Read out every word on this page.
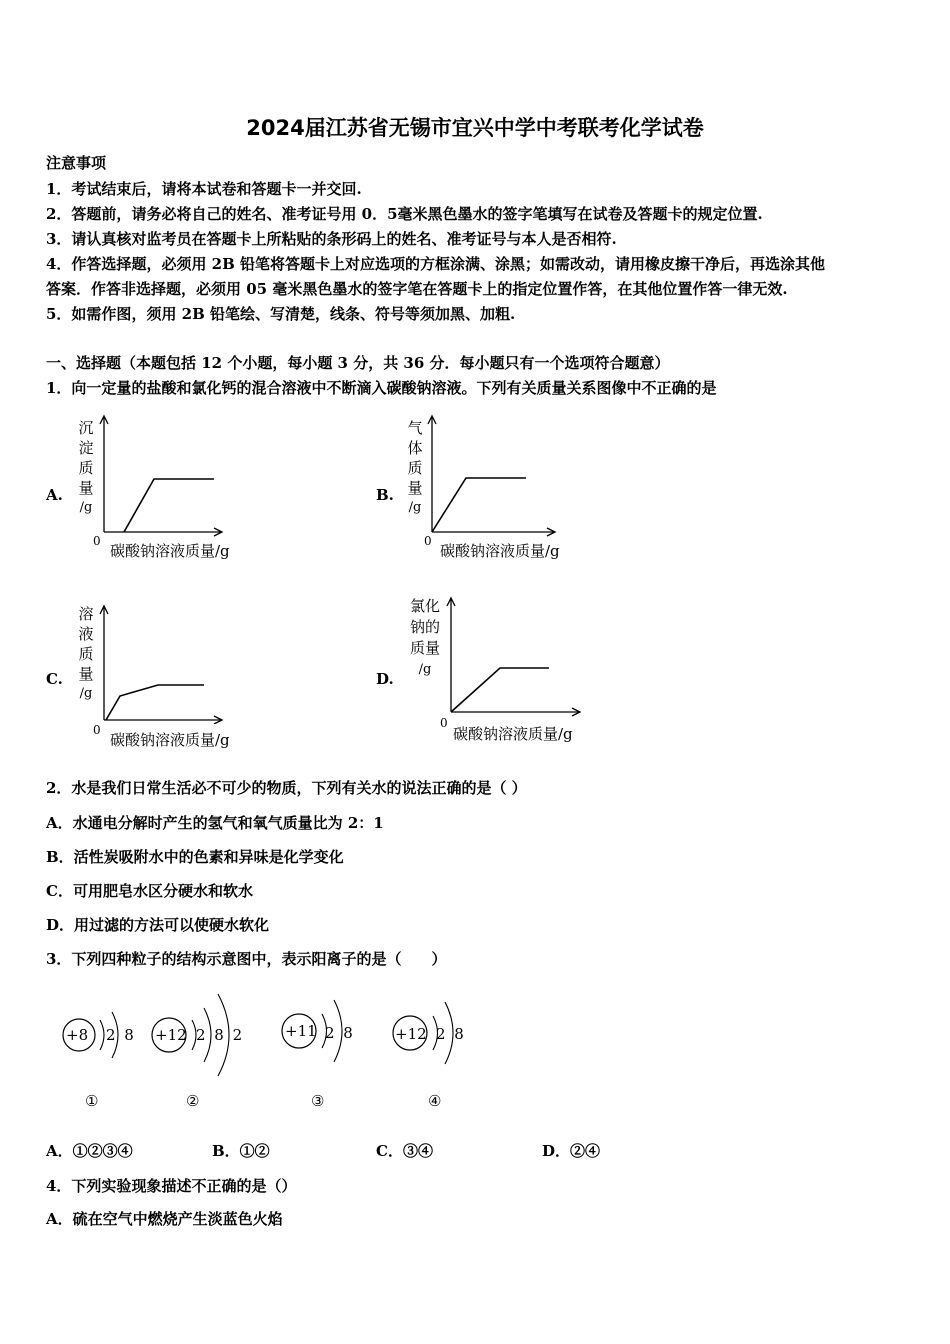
2024届江苏省无锡市宜兴中学中考联考化学试卷
注意事项
1．考试结束后，请将本试卷和答题卡一并交回.
2．答题前，请务必将自己的姓名、准考证号用 0．5毫米黑色墨水的签字笔填写在试卷及答题卡的规定位置.
3．请认真核对监考员在答题卡上所粘贴的条形码上的姓名、准考证号与本人是否相符.
4．作答选择题，必须用 2B 铅笔将答题卡上对应选项的方框涂满、涂黑；如需改动，请用橡皮擦干净后，再选涂其他
答案．作答非选择题，必须用 05 毫米黑色墨水的签字笔在答题卡上的指定位置作答，在其他位置作答一律无效.
5．如需作图，须用 2B 铅笔绘、写清楚，线条、符号等须加黑、加粗.
一、选择题（本题包括 12 个小题，每小题 3 分，共 36 分．每小题只有一个选项符合题意）
1．向一定量的盐酸和氯化钙的混合溶液中不断滴入碳酸钠溶液。下列有关质量关系图像中不正确的是
A.
沉
淀
质
量
/g
0
碳酸钠溶液质量/g
B.
气
体
质
量
/g
0
碳酸钠溶液质量/g
C.
溶
液
质
量
/g
0
碳酸钠溶液质量/g
D.
氯化
钠的
质量
/g
0
碳酸钠溶液质量/g
2．水是我们日常生活必不可少的物质，下列有关水的说法正确的是（ ）
A．水通电分解时产生的氢气和氧气质量比为 2：1
B．活性炭吸附水中的色素和异味是化学变化
C．可用肥皂水区分硬水和软水
D．用过滤的方法可以使硬水软化
3．下列四种粒子的结构示意图中，表示阳离子的是（　　）
+8 2 8
①
+12 2 8 2
②
+11 2 8
③
+12 2 8
④
A．①②③④	B．①②	C．③④	D．②④
4．下列实验现象描述不正确的是（）
A．硫在空气中燃烧产生淡蓝色火焰
